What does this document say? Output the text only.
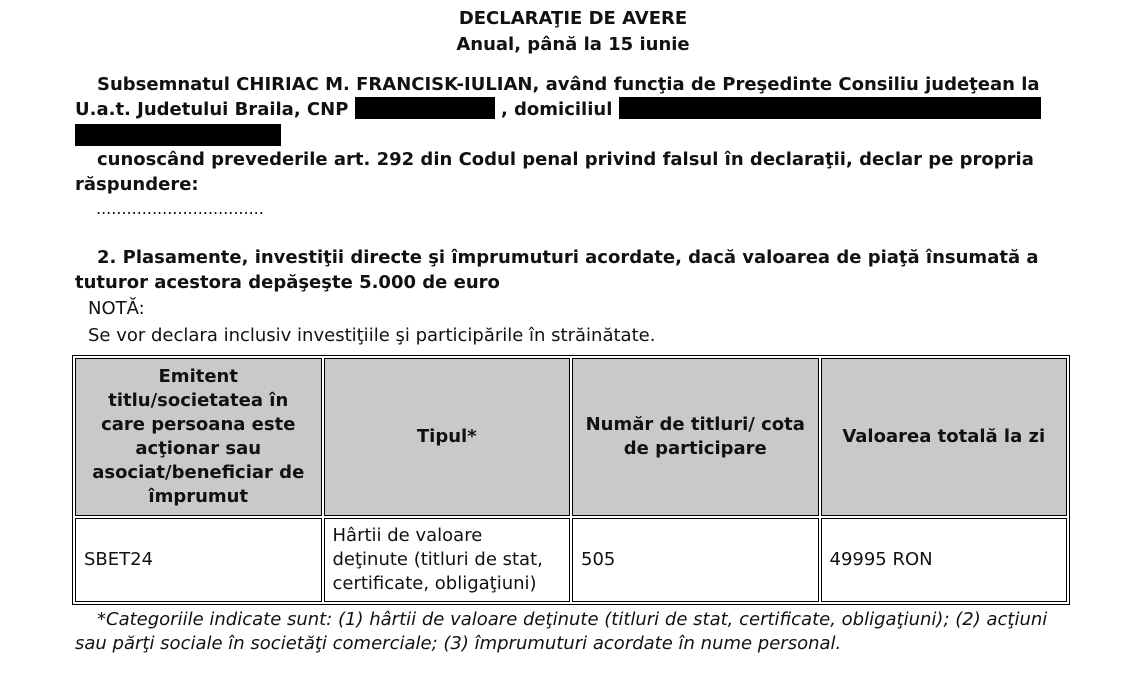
DECLARAŢIE DE AVERE
Anual, până la 15 iunie
Subsemnatul CHIRIAC M. FRANCISK-IULIAN, având funcţia de Preşedinte Consiliu judeţean la U.a.t. Judetului Braila, CNP	, domiciliul

cunoscând prevederile art. 292 din Codul penal privind falsul în declaraţii, declar pe propria răspundere:
.................................
2. Plasamente, investiţii directe şi împrumuturi acordate, dacă valoarea de piaţă însumată a tuturor acestora depăşeşte 5.000 de euro
NOTĂ:
Se vor declara inclusiv investiţiile şi participările în străinătate.
Emitent titlu/societatea în care persoana este acţionar sau asociat/beneficiar de împrumut	Tipul*	Număr de titluri/ cota de participare	Valoarea totală la zi
SBET24	Hârtii de valoare deţinute (titluri de stat, certificate, obligaţiuni)	505	49995 RON
*Categoriile indicate sunt: (1) hârtii de valoare deţinute (titluri de stat, certificate, obligaţiuni); (2) acţiuni sau părţi sociale în societăţi comerciale; (3) împrumuturi acordate în nume personal.
